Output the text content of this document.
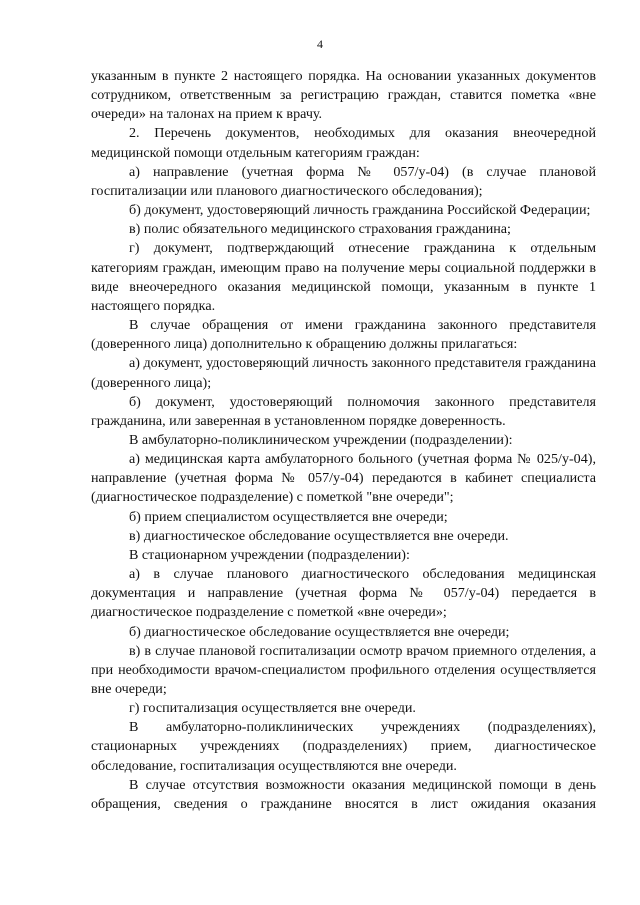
4

указанным в пункте 2 настоящего порядка. На основании указанных документов сотрудником, ответственным за регистрацию граждан, ставится пометка «вне очереди» на талонах на прием к врачу.

2. Перечень документов, необходимых для оказания внеочередной медицинской помощи отдельным категориям граждан:

а) направление (учетная форма № 057/у-04) (в случае плановой госпитализации или планового диагностического обследования);

б) документ, удостоверяющий личность гражданина Российской Федерации;

в) полис обязательного медицинского страхования гражданина;

г) документ, подтверждающий отнесение гражданина к отдельным категориям граждан, имеющим право на получение меры социальной поддержки в виде внеочередного оказания медицинской помощи, указанным в пункте 1 настоящего порядка.

В случае обращения от имени гражданина законного представителя (доверенного лица) дополнительно к обращению должны прилагаться:

а) документ, удостоверяющий личность законного представителя гражданина (доверенного лица);

б) документ, удостоверяющий полномочия законного представителя гражданина, или заверенная в установленном порядке доверенность.

В амбулаторно-поликлиническом учреждении (подразделении):

а) медицинская карта амбулаторного больного (учетная форма № 025/у-04), направление (учетная форма № 057/у-04) передаются в кабинет специалиста (диагностическое подразделение) с пометкой "вне очереди";

б) прием специалистом осуществляется вне очереди;

в) диагностическое обследование осуществляется вне очереди.

В стационарном учреждении (подразделении):

а) в случае планового диагностического обследования медицинская документация и направление (учетная форма № 057/у-04) передается в диагностическое подразделение с пометкой «вне очереди»;

б) диагностическое обследование осуществляется вне очереди;

в) в случае плановой госпитализации осмотр врачом приемного отделения, а при необходимости врачом-специалистом профильного отделения осуществляется вне очереди;

г) госпитализация осуществляется вне очереди.

В амбулаторно-поликлинических учреждениях (подразделениях), стационарных учреждениях (подразделениях) прием, диагностическое обследование, госпитализация осуществляются вне очереди.

В случае отсутствия возможности оказания медицинской помощи в день обращения, сведения о гражданине вносятся в лист ожидания оказания
